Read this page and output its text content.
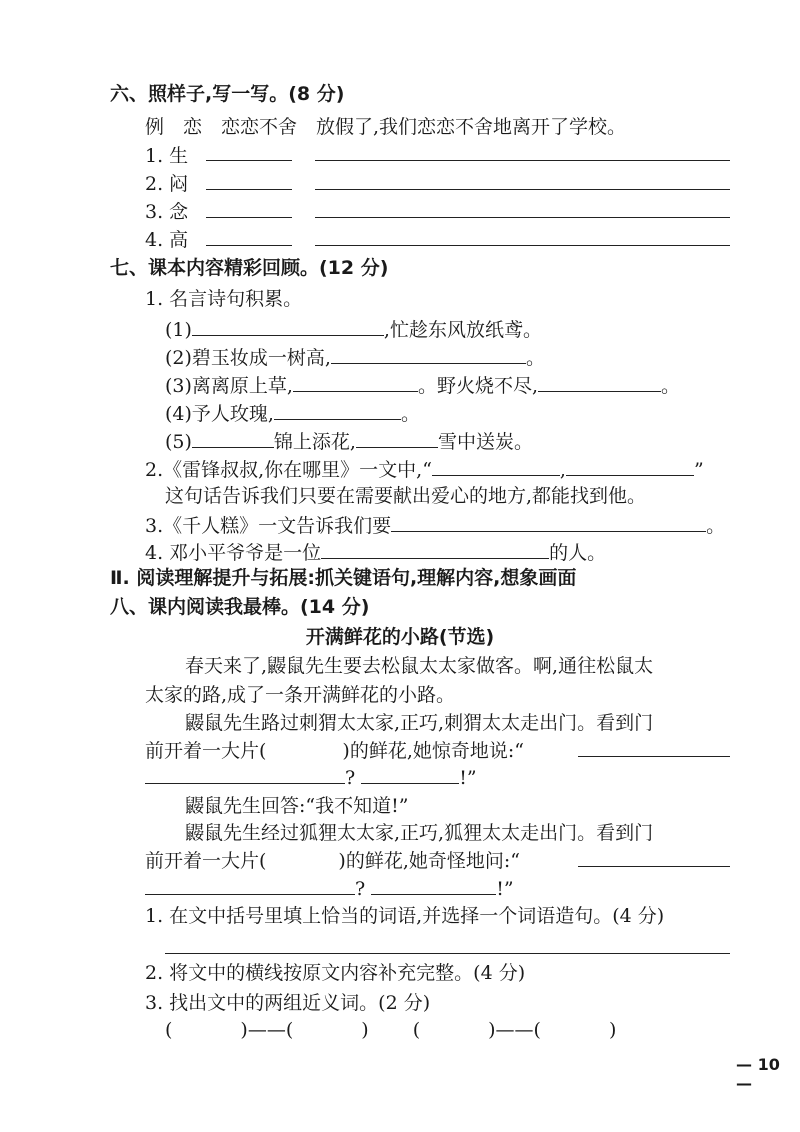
六、照样子,写一写。(8 分)
例　恋　恋恋不舍　放假了,我们恋恋不舍地离开了学校。
1. 生
2. 闷
3. 念
4. 高
七、课本内容精彩回顾。(12 分)
1. 名言诗句积累。
(1)	,忙趁东风放纸鸢。
(2)碧玉妆成一树高,	。
(3)离离原上草,	。野火烧不尽,	。
(4)予人玫瑰,	。
(5)	锦上添花,	雪中送炭。
2.《雷锋叔叔,你在哪里》一文中,“	,	”
这句话告诉我们只要在需要献出爱心的地方,都能找到他。
3.《千人糕》一文告诉我们要	。
4. 邓小平爷爷是一位	的人。
Ⅱ. 阅读理解提升与拓展:抓关键语句,理解内容,想象画面
八、课内阅读我最棒。(14 分)
开满鲜花的小路(节选)
春天来了,鼹鼠先生要去松鼠太太家做客。啊,通往松鼠太
太家的路,成了一条开满鲜花的小路。
鼹鼠先生路过刺猬太太家,正巧,刺猬太太走出门。看到门
前开着一大片(	)的鲜花,她惊奇地说:“
?	!”
鼹鼠先生回答:“我不知道!”
鼹鼠先生经过狐狸太太家,正巧,狐狸太太走出门。看到门
前开着一大片(	)的鲜花,她奇怪地问:“
?	!”
1. 在文中括号里填上恰当的词语,并选择一个词语造句。(4 分)
2. 将文中的横线按原文内容补充完整。(4 分)
3. 找出文中的两组近义词。(2 分)
(	)——(	) (	)——(	)
— 10 —
